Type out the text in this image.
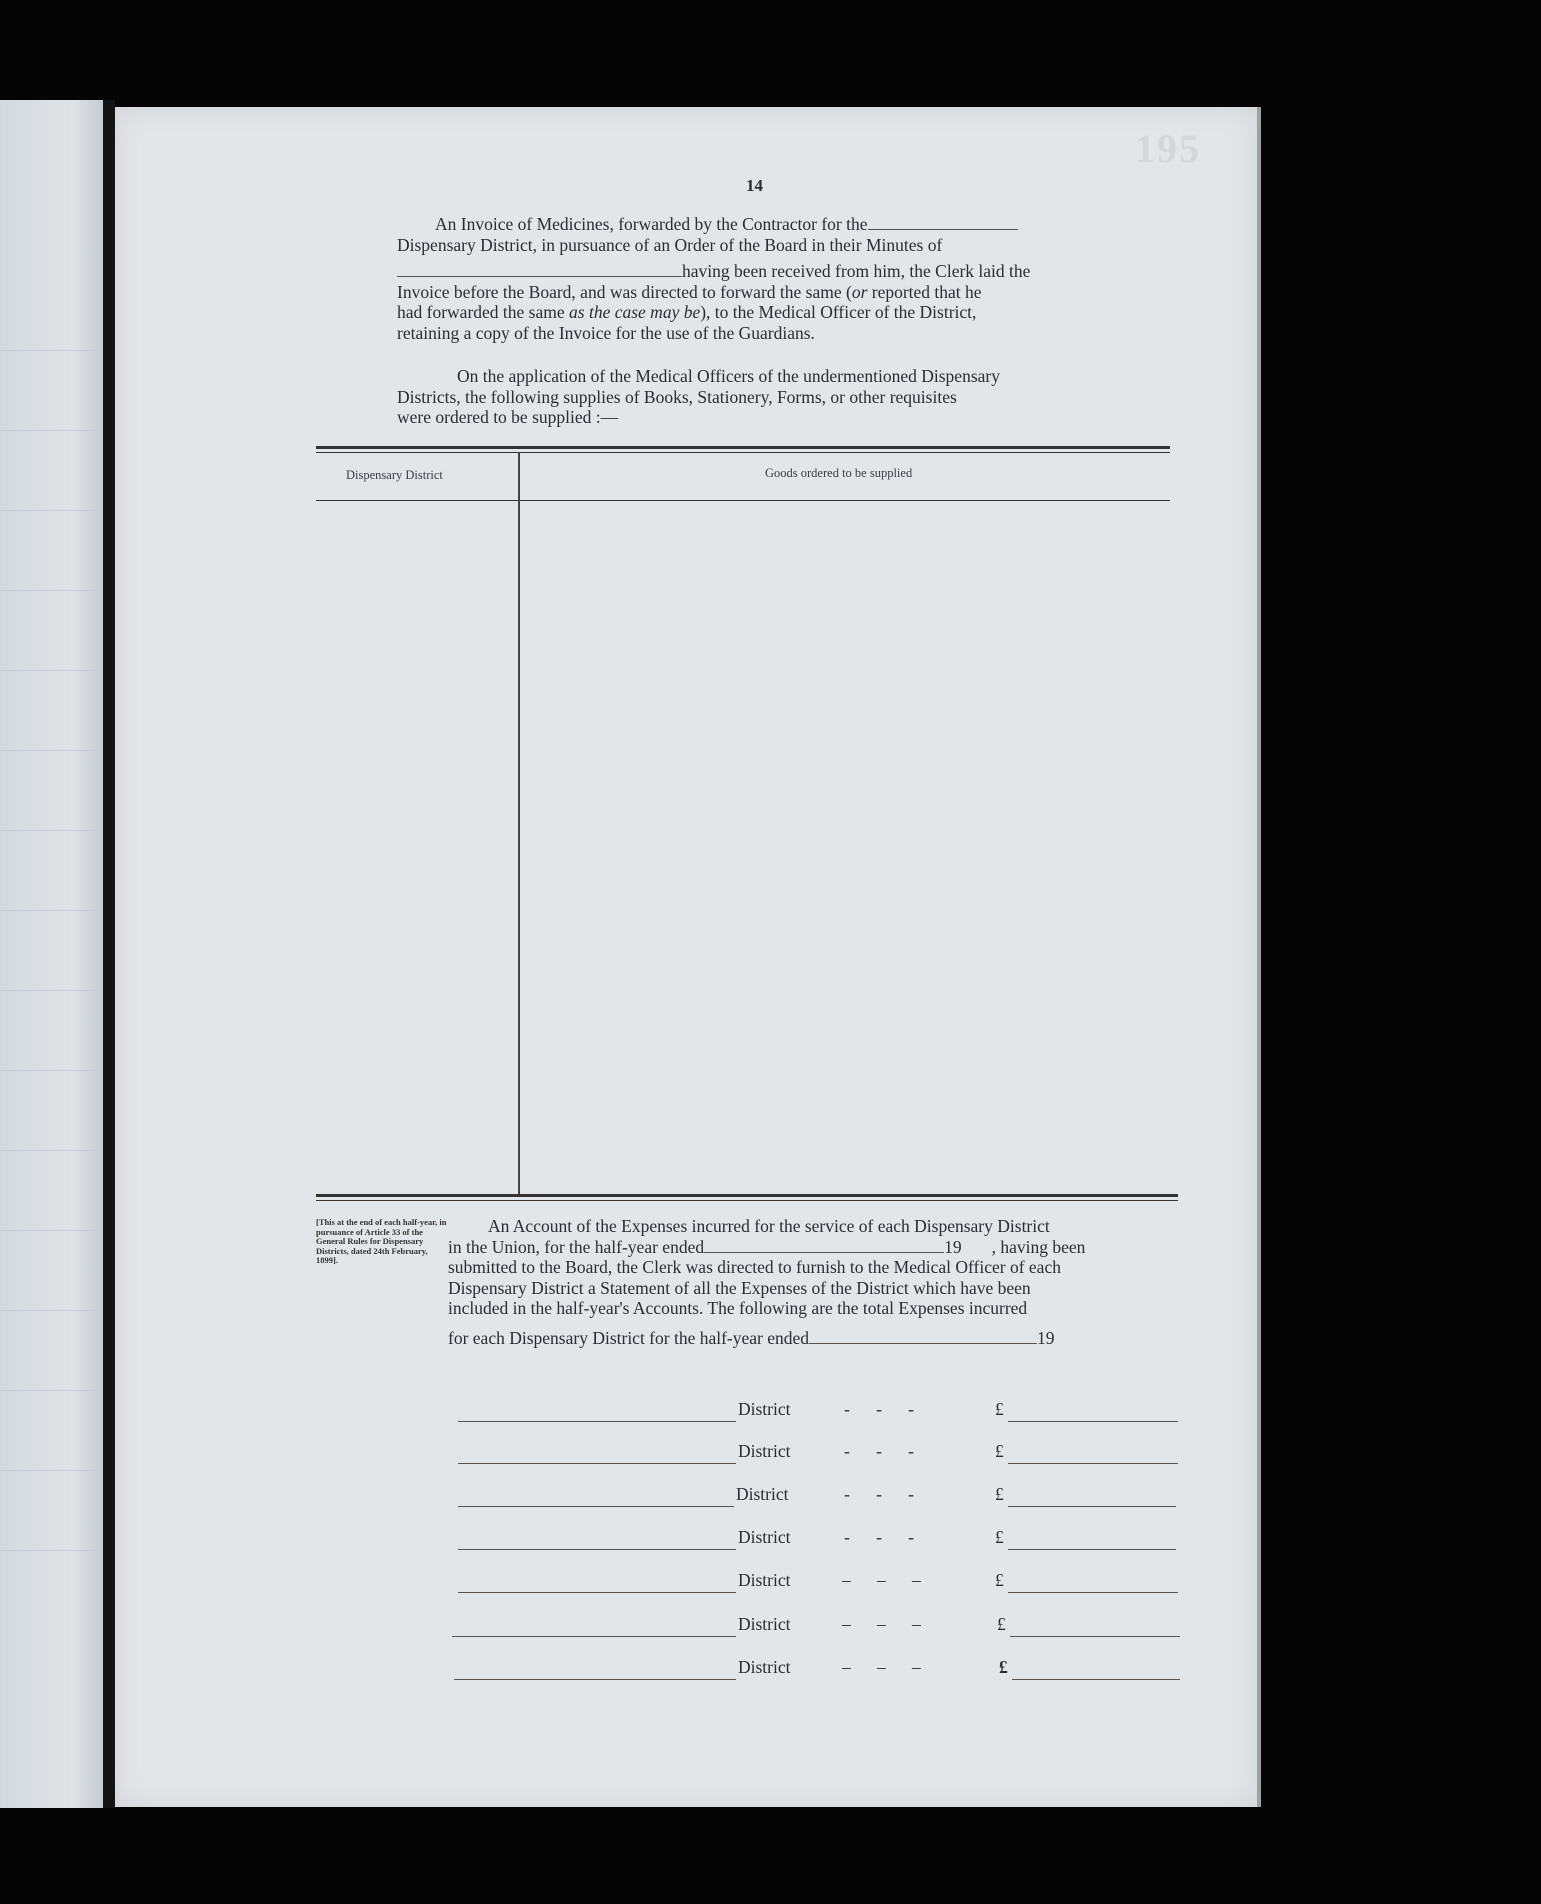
195
14

An Invoice of Medicines, forwarded by the Contractor for the

Dispensary District, in pursuance of an Order of the Board in their Minutes of

having been received from him, the Clerk laid the

Invoice before the Board, and was directed to forward the same (or reported that he

had forwarded the same as the case may be), to the Medical Officer of the District,

retaining a copy of the Invoice for the use of the Guardians.

On the application of the Medical Officers of the undermentioned Dispensary

Districts, the following supplies of Books, Stationery, Forms, or other requisites

were ordered to be supplied :—

Dispensary District	Goods ordered to be supplied
[This at the end of each half-year, in pursuance of Article 33 of the General Rules for Dispensary Districts, dated 24th February, 1899].

An Account of the Expenses incurred for the service of each Dispensary District

in the Union, for the half-year ended	19 , having been

submitted to the Board, the Clerk was directed to furnish to the Medical Officer of each

Dispensary District a Statement of all the Expenses of the District which have been

included in the half-year's Accounts. The following are the total Expenses incurred

for each Dispensary District for the half-year ended	19

District	-      -      -	£
District	-      -      -	£
District	-      -      -	£
District	-      -      -	£
District	–      –      –	£
District	–      –      –	£
District	–      –      –	£
